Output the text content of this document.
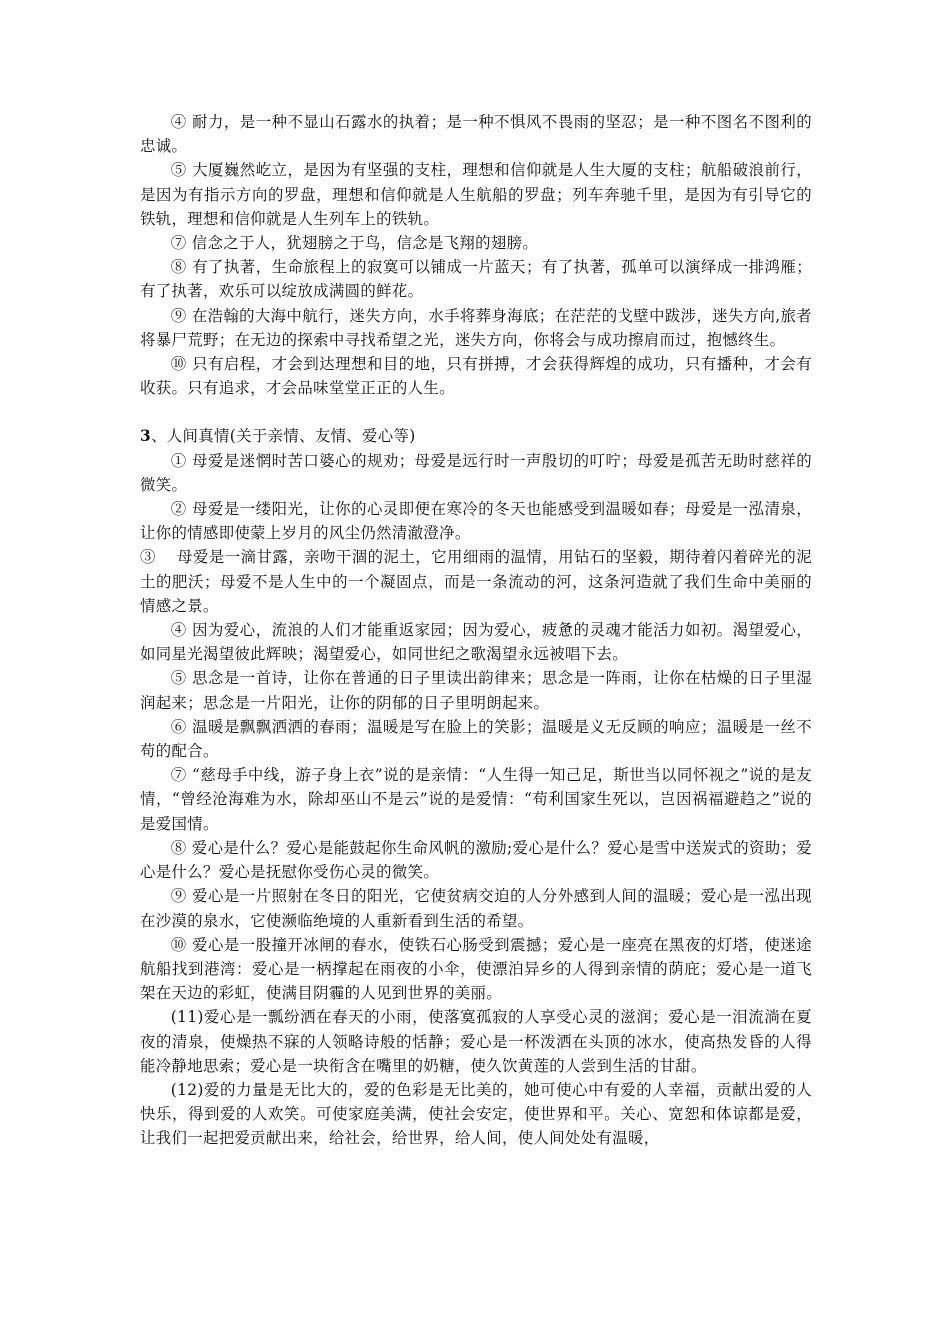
④ 耐力，是一种不显山石露水的执着；是一种不惧风不畏雨的坚忍；是一种不图名不图利的忠诚。

⑤ 大厦巍然屹立，是因为有坚强的支柱，理想和信仰就是人生大厦的支柱；航船破浪前行，是因为有指示方向的罗盘，理想和信仰就是人生航船的罗盘；列车奔驰千里，是因为有引导它的铁轨，理想和信仰就是人生列车上的铁轨。

⑦ 信念之于人，犹翅膀之于鸟，信念是飞翔的翅膀。

⑧ 有了执著，生命旅程上的寂寞可以铺成一片蓝天；有了执著，孤单可以演绎成一排鸿雁；有了执著，欢乐可以绽放成满圆的鲜花。

⑨ 在浩翰的大海中航行，迷失方向，水手将葬身海底；在茫茫的戈壁中跋涉，迷失方向,旅者将暴尸荒野；在无边的探索中寻找希望之光，迷失方向，你将会与成功擦肩而过，抱憾终生。

⑩ 只有启程，才会到达理想和目的地，只有拼搏，才会获得辉煌的成功，只有播种，才会有收获。只有追求，才会品味堂堂正正的人生。

3、人间真情(关于亲情、友情、爱心等)

① 母爱是迷惘时苦口婆心的规劝；母爱是远行时一声殷切的叮咛；母爱是孤苦无助时慈祥的微笑。

② 母爱是一缕阳光，让你的心灵即便在寒冷的冬天也能感受到温暖如春；母爱是一泓清泉，让你的情感即使蒙上岁月的风尘仍然清澈澄净。

③　 母爱是一滴甘露，亲吻干涸的泥土，它用细雨的温情，用钻石的坚毅，期待着闪着碎光的泥土的肥沃；母爱不是人生中的一个凝固点，而是一条流动的河，这条河造就了我们生命中美丽的情感之景。

④ 因为爱心，流浪的人们才能重返家园；因为爱心，疲惫的灵魂才能活力如初。渴望爱心，如同星光渴望彼此辉映；渴望爱心，如同世纪之歌渴望永远被唱下去。

⑤ 思念是一首诗，让你在普通的日子里读出韵律来；思念是一阵雨，让你在枯燥的日子里湿润起来；思念是一片阳光，让你的阴郁的日子里明朗起来。

⑥ 温暖是飘飘洒洒的春雨；温暖是写在脸上的笑影；温暖是义无反顾的响应；温暖是一丝不苟的配合。

⑦ “慈母手中线，游子身上衣”说的是亲情：“人生得一知己足，斯世当以同怀视之”说的是友情，“曾经沧海难为水，除却巫山不是云”说的是爱情：“苟利国家生死以，岂因祸福避趋之”说的是爱国情。

⑧ 爱心是什么？爱心是能鼓起你生命风帆的激励;爱心是什么？爱心是雪中送炭式的资助；爱心是什么？爱心是抚慰你受伤心灵的微笑。

⑨ 爱心是一片照射在冬日的阳光，它使贫病交迫的人分外感到人间的温暖；爱心是一泓出现在沙漠的泉水，它使濒临绝境的人重新看到生活的希望。

⑩ 爱心是一股撞开冰闸的春水，使铁石心肠受到震撼；爱心是一座亮在黑夜的灯塔，使迷途航船找到港湾：爱心是一柄撑起在雨夜的小伞，使漂泊异乡的人得到亲情的荫庇；爱心是一道飞架在天边的彩虹，使满目阴霾的人见到世界的美丽。

(11)爱心是一瓢纷洒在春天的小雨，使落寞孤寂的人享受心灵的滋润；爱心是一泪流淌在夏夜的清泉，使燥热不寐的人领略诗般的恬静；爱心是一杯泼洒在头顶的冰水，使高热发昏的人得能冷静地思索；爱心是一块衔含在嘴里的奶糖，使久饮黄莲的人尝到生活的甘甜。

(12)爱的力量是无比大的，爱的色彩是无比美的，她可使心中有爱的人幸福，贡献出爱的人快乐，得到爱的人欢笑。可使家庭美满，使社会安定，使世界和平。关心、宽恕和体谅都是爱，让我们一起把爱贡献出来，给社会，给世界，给人间，使人间处处有温暖，
